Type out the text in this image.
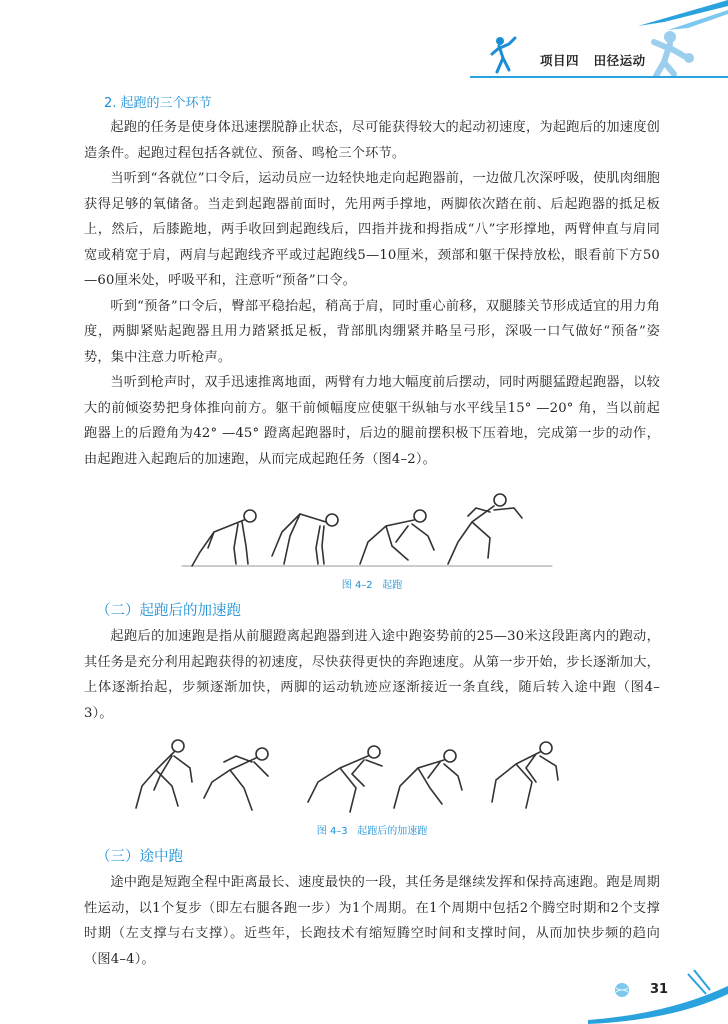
项目四 田径运动
2. 起跑的三个环节

起跑的任务是使身体迅速摆脱静止状态，尽可能获得较大的起动初速度，为起跑后的加速度创造条件。起跑过程包括各就位、预备、鸣枪三个环节。

当听到“各就位”口令后，运动员应一边轻快地走向起跑器前，一边做几次深呼吸，使肌肉细胞获得足够的氧储备。当走到起跑器前面时，先用两手撑地，两脚依次踏在前、后起跑器的抵足板上，然后，后膝跪地，两手收回到起跑线后，四指并拢和拇指成“八”字形撑地，两臂伸直与肩同宽或稍宽于肩，两肩与起跑线齐平或过起跑线5—10厘米，颈部和躯干保持放松，眼看前下方50—60厘米处，呼吸平和，注意听“预备”口令。

听到“预备”口令后，臀部平稳抬起，稍高于肩，同时重心前移，双腿膝关节形成适宜的用力角度，两脚紧贴起跑器且用力踏紧抵足板，背部肌肉绷紧并略呈弓形，深吸一口气做好“预备”姿势，集中注意力听枪声。

当听到枪声时，双手迅速推离地面，两臂有力地大幅度前后摆动，同时两腿猛蹬起跑器，以较大的前倾姿势把身体推向前方。躯干前倾幅度应使躯干纵轴与水平线呈15° —20° 角，当以前起跑器上的后蹬角为42° —45° 蹬离起跑器时，后边的腿前摆积极下压着地，完成第一步的动作，由起跑进入起跑后的加速跑，从而完成起跑任务（图4–2）。

图 4–2   起跑
（二）起跑后的加速跑

起跑后的加速跑是指从前腿蹬离起跑器到进入途中跑姿势前的25—30米这段距离内的跑动，其任务是充分利用起跑获得的初速度，尽快获得更快的奔跑速度。从第一步开始，步长逐渐加大，上体逐渐抬起，步频逐渐加快，两脚的运动轨迹应逐渐接近一条直线，随后转入途中跑（图4–3）。

图 4–3   起跑后的加速跑
（三）途中跑

途中跑是短跑全程中距离最长、速度最快的一段，其任务是继续发挥和保持高速跑。跑是周期性运动，以1个复步（即左右腿各跑一步）为1个周期。在1个周期中包括2个腾空时期和2个支撑时期（左支撑与右支撑）。近些年，长跑技术有缩短腾空时间和支撑时间，从而加快步频的趋向（图4–4）。

31
